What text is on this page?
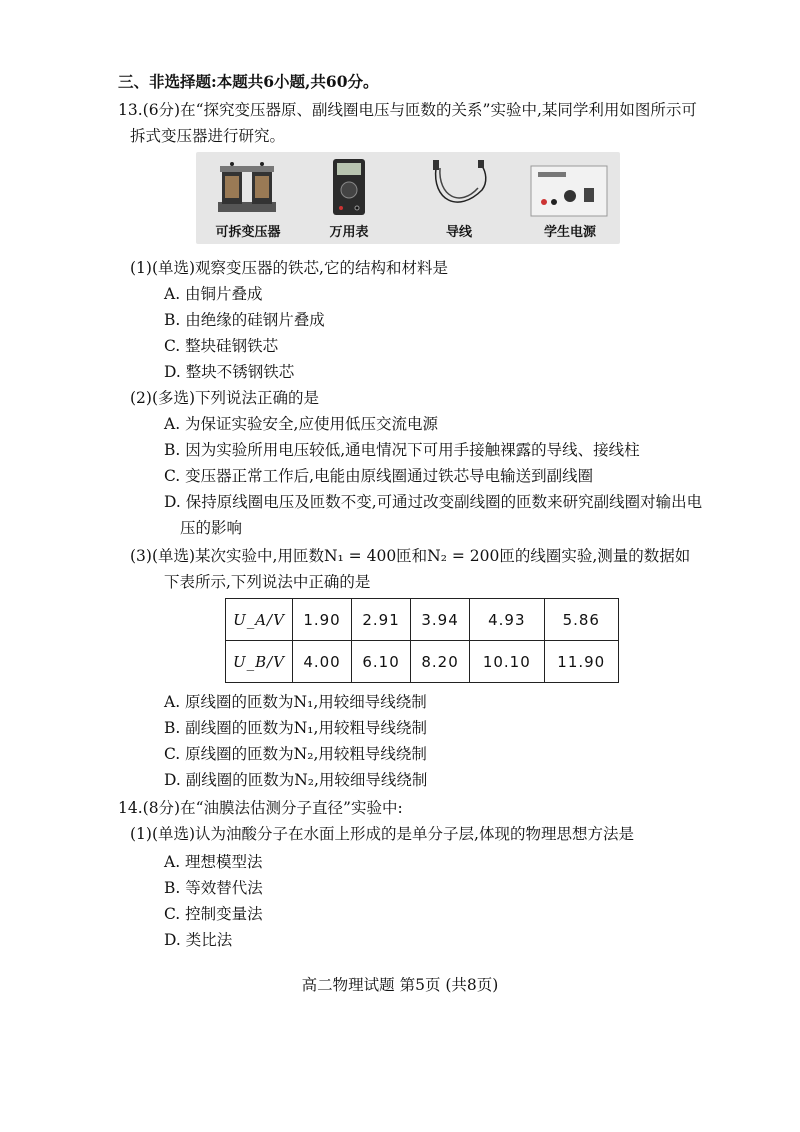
三、非选择题:本题共6小题,共60分。
13.(6分)在“探究变压器原、副线圈电压与匝数的关系”实验中,某同学利用如图所示可
拆式变压器进行研究。
可拆变压器	万用表	导线	学生电源
(1)(单选)观察变压器的铁芯,它的结构和材料是
A. 由铜片叠成
B. 由绝缘的硅钢片叠成
C. 整块硅钢铁芯
D. 整块不锈钢铁芯
(2)(多选)下列说法正确的是
A. 为保证实验安全,应使用低压交流电源
B. 因为实验所用电压较低,通电情况下可用手接触裸露的导线、接线柱
C. 变压器正常工作后,电能由原线圈通过铁芯导电输送到副线圈
D. 保持原线圈电压及匝数不变,可通过改变副线圈的匝数来研究副线圈对输出电
压的影响
(3)(单选)某次实验中,用匝数N₁ = 400匝和N₂ = 200匝的线圈实验,测量的数据如
下表所示,下列说法中正确的是
U_A/V	1.90	2.91	3.94	4.93	5.86
U_B/V	4.00	6.10	8.20	10.10	11.90
A. 原线圈的匝数为N₁,用较细导线绕制
B. 副线圈的匝数为N₁,用较粗导线绕制
C. 原线圈的匝数为N₂,用较粗导线绕制
D. 副线圈的匝数为N₂,用较细导线绕制
14.(8分)在“油膜法估测分子直径”实验中:
(1)(单选)认为油酸分子在水面上形成的是单分子层,体现的物理思想方法是
A. 理想模型法
B. 等效替代法
C. 控制变量法
D. 类比法
高二物理试题 第5页 (共8页)
